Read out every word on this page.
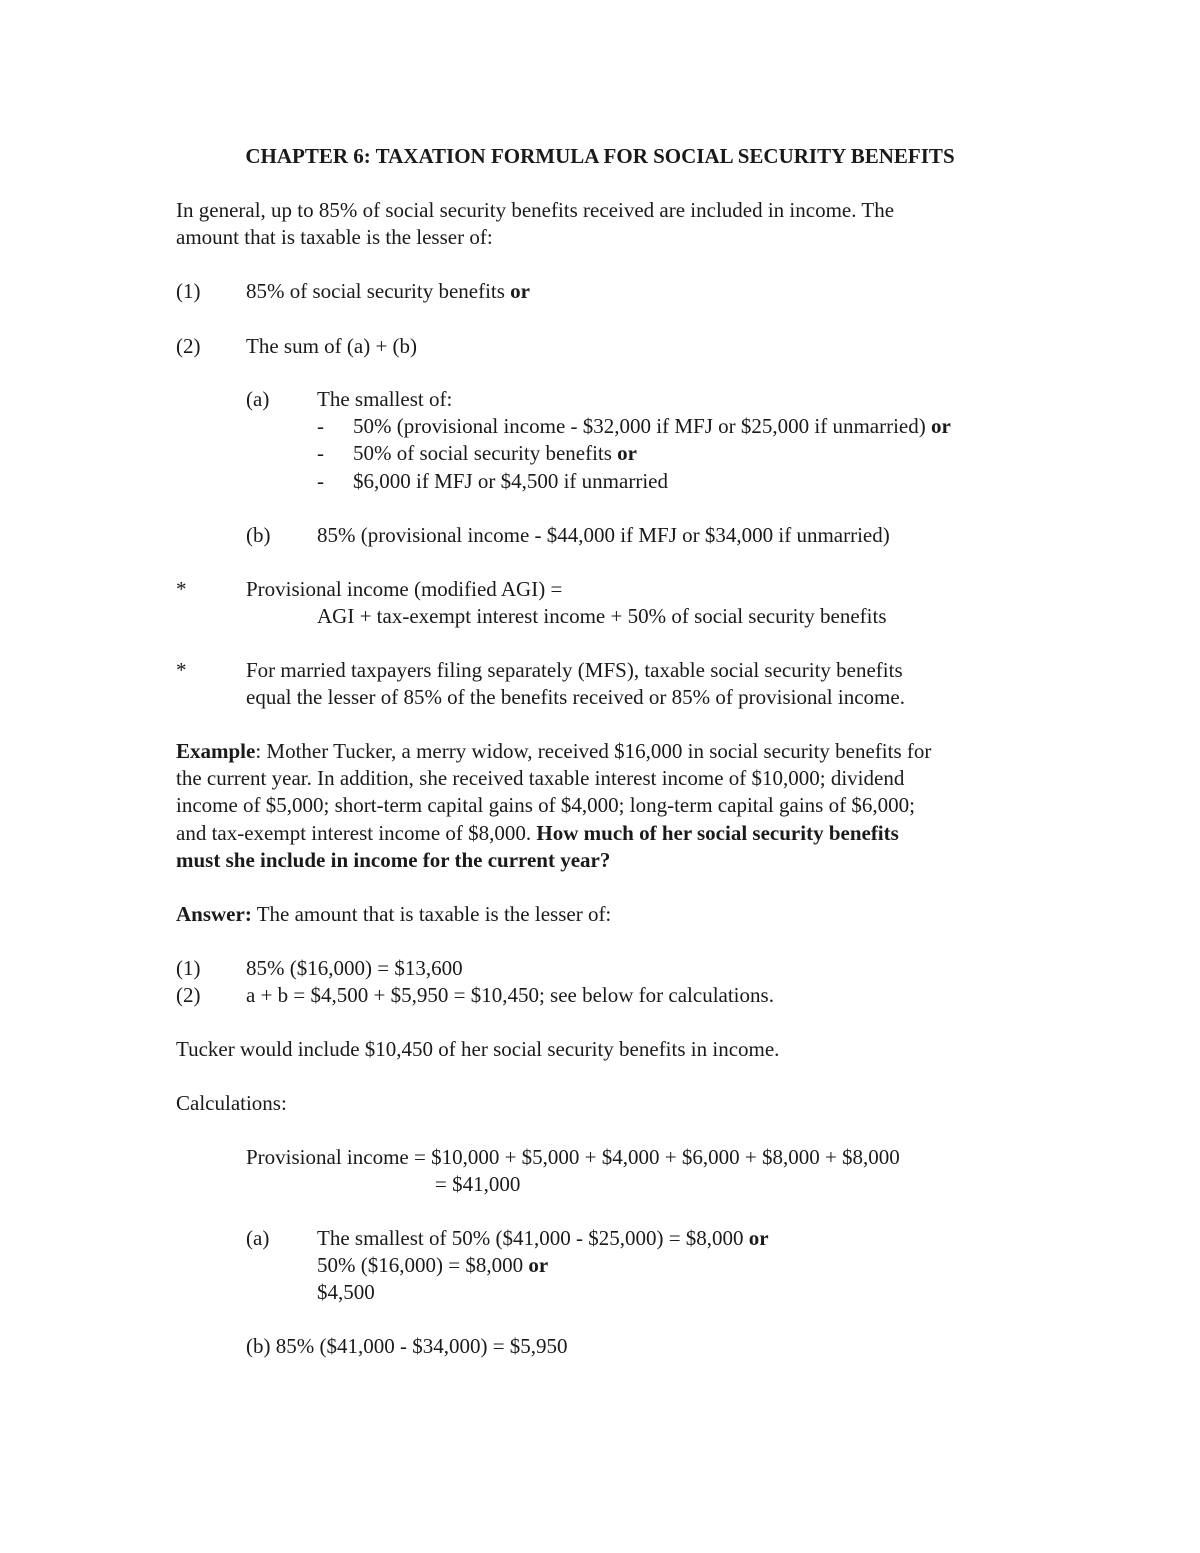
CHAPTER 6: TAXATION FORMULA FOR SOCIAL SECURITY BENEFITS
In general, up to 85% of social security benefits received are included in income. The
amount that is taxable is the lesser of:
(1) 85% of social security benefits or
(2) The sum of (a) + (b)
(a) The smallest of:
- 50% (provisional income - $32,000 if MFJ or $25,000 if unmarried) or
- 50% of social security benefits or
- $6,000 if MFJ or $4,500 if unmarried
(b) 85% (provisional income - $44,000 if MFJ or $34,000 if unmarried)
*	Provisional income (modified AGI) =
AGI + tax-exempt interest income + 50% of social security benefits
*	For married taxpayers filing separately (MFS), taxable social security benefits
equal the lesser of 85% of the benefits received or 85% of provisional income.
Example: Mother Tucker, a merry widow, received $16,000 in social security benefits for
the current year. In addition, she received taxable interest income of $10,000; dividend
income of $5,000; short-term capital gains of $4,000; long-term capital gains of $6,000;
and tax-exempt interest income of $8,000. How much of her social security benefits
must she include in income for the current year?
Answer: The amount that is taxable is the lesser of:
(1) 85% ($16,000) = $13,600
(2) a + b = $4,500 + $5,950 = $10,450; see below for calculations.
Tucker would include $10,450 of her social security benefits in income.
Calculations:
Provisional income = $10,000 + $5,000 + $4,000 + $6,000 + $8,000 + $8,000
= $41,000
(a) The smallest of 50% ($41,000 - $25,000) = $8,000 or
50% ($16,000) = $8,000 or
$4,500
(b) 85% ($41,000 - $34,000) = $5,950
